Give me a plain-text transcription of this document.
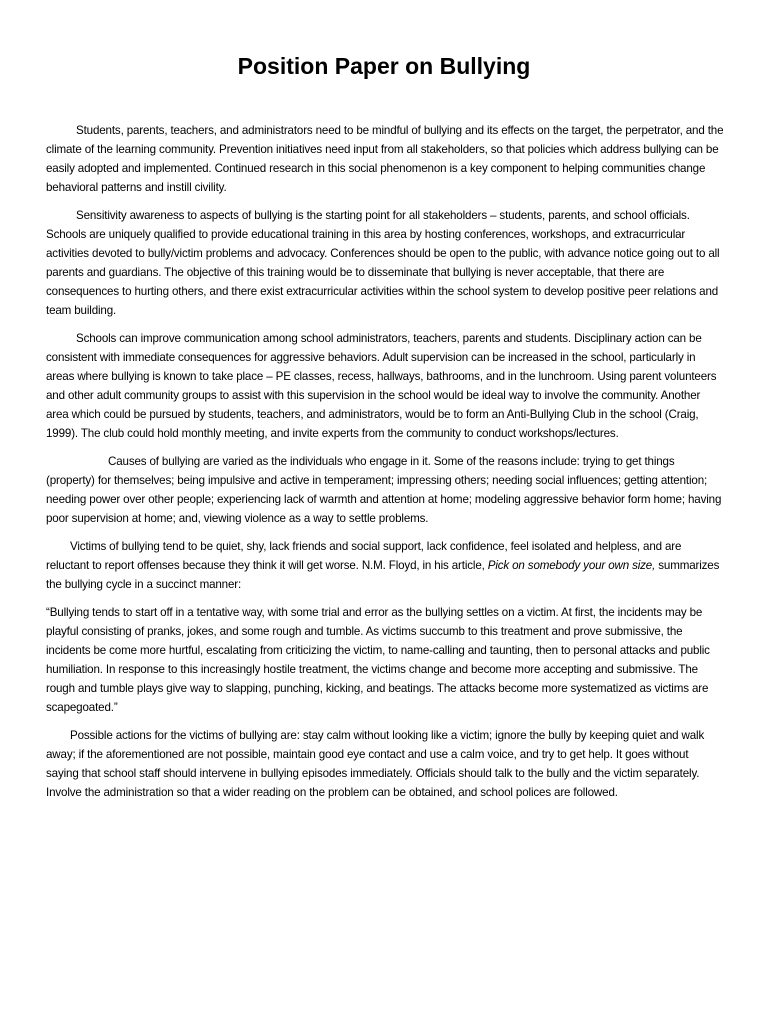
Position Paper on Bullying

Students, parents, teachers, and administrators need to be mindful of bullying and its effects on the target, the perpetrator, and the climate of the learning community. Prevention initiatives need input from all stakeholders, so that policies which address bullying can be easily adopted and implemented. Continued research in this social phenomenon is a key component to helping communities change behavioral patterns and instill civility.

Sensitivity awareness to aspects of bullying is the starting point for all stakeholders – students, parents, and school officials. Schools are uniquely qualified to provide educational training in this area by hosting conferences, workshops, and extracurricular activities devoted to bully/victim problems and advocacy. Conferences should be open to the public, with advance notice going out to all parents and guardians. The objective of this training would be to disseminate that bullying is never acceptable, that there are consequences to hurting others, and there exist extracurricular activities within the school system to develop positive peer relations and team building.

Schools can improve communication among school administrators, teachers, parents and students. Disciplinary action can be consistent with immediate consequences for aggressive behaviors. Adult supervision can be increased in the school, particularly in areas where bullying is known to take place – PE classes, recess, hallways, bathrooms, and in the lunchroom. Using parent volunteers and other adult community groups to assist with this supervision in the school would be ideal way to involve the community. Another area which could be pursued by students, teachers, and administrators, would be to form an Anti-Bullying Club in the school (Craig, 1999). The club could hold monthly meeting, and invite experts from the community to conduct workshops/lectures.

Causes of bullying are varied as the individuals who engage in it. Some of the reasons include: trying to get things (property) for themselves; being impulsive and active in temperament; impressing others; needing social influences; getting attention; needing power over other people; experiencing lack of warmth and attention at home; modeling aggressive behavior form home; having poor supervision at home; and, viewing violence as a way to settle problems.

Victims of bullying tend to be quiet, shy, lack friends and social support, lack confidence, feel isolated and helpless, and are reluctant to report offenses because they think it will get worse. N.M. Floyd, in his article, Pick on somebody your own size, summarizes the bullying cycle in a succinct manner:

“Bullying tends to start off in a tentative way, with some trial and error as the bullying settles on a victim. At first, the incidents may be playful consisting of pranks, jokes, and some rough and tumble. As victims succumb to this treatment and prove submissive, the incidents be come more hurtful, escalating from criticizing the victim, to name-calling and taunting, then to personal attacks and public humiliation. In response to this increasingly hostile treatment, the victims change and become more accepting and submissive. The rough and tumble plays give way to slapping, punching, kicking, and beatings. The attacks become more systematized as victims are scapegoated.”

Possible actions for the victims of bullying are: stay calm without looking like a victim; ignore the bully by keeping quiet and walk away; if the aforementioned are not possible, maintain good eye contact and use a calm voice, and try to get help. It goes without saying that school staff should intervene in bullying episodes immediately. Officials should talk to the bully and the victim separately. Involve the administration so that a wider reading on the problem can be obtained, and school polices are followed.
